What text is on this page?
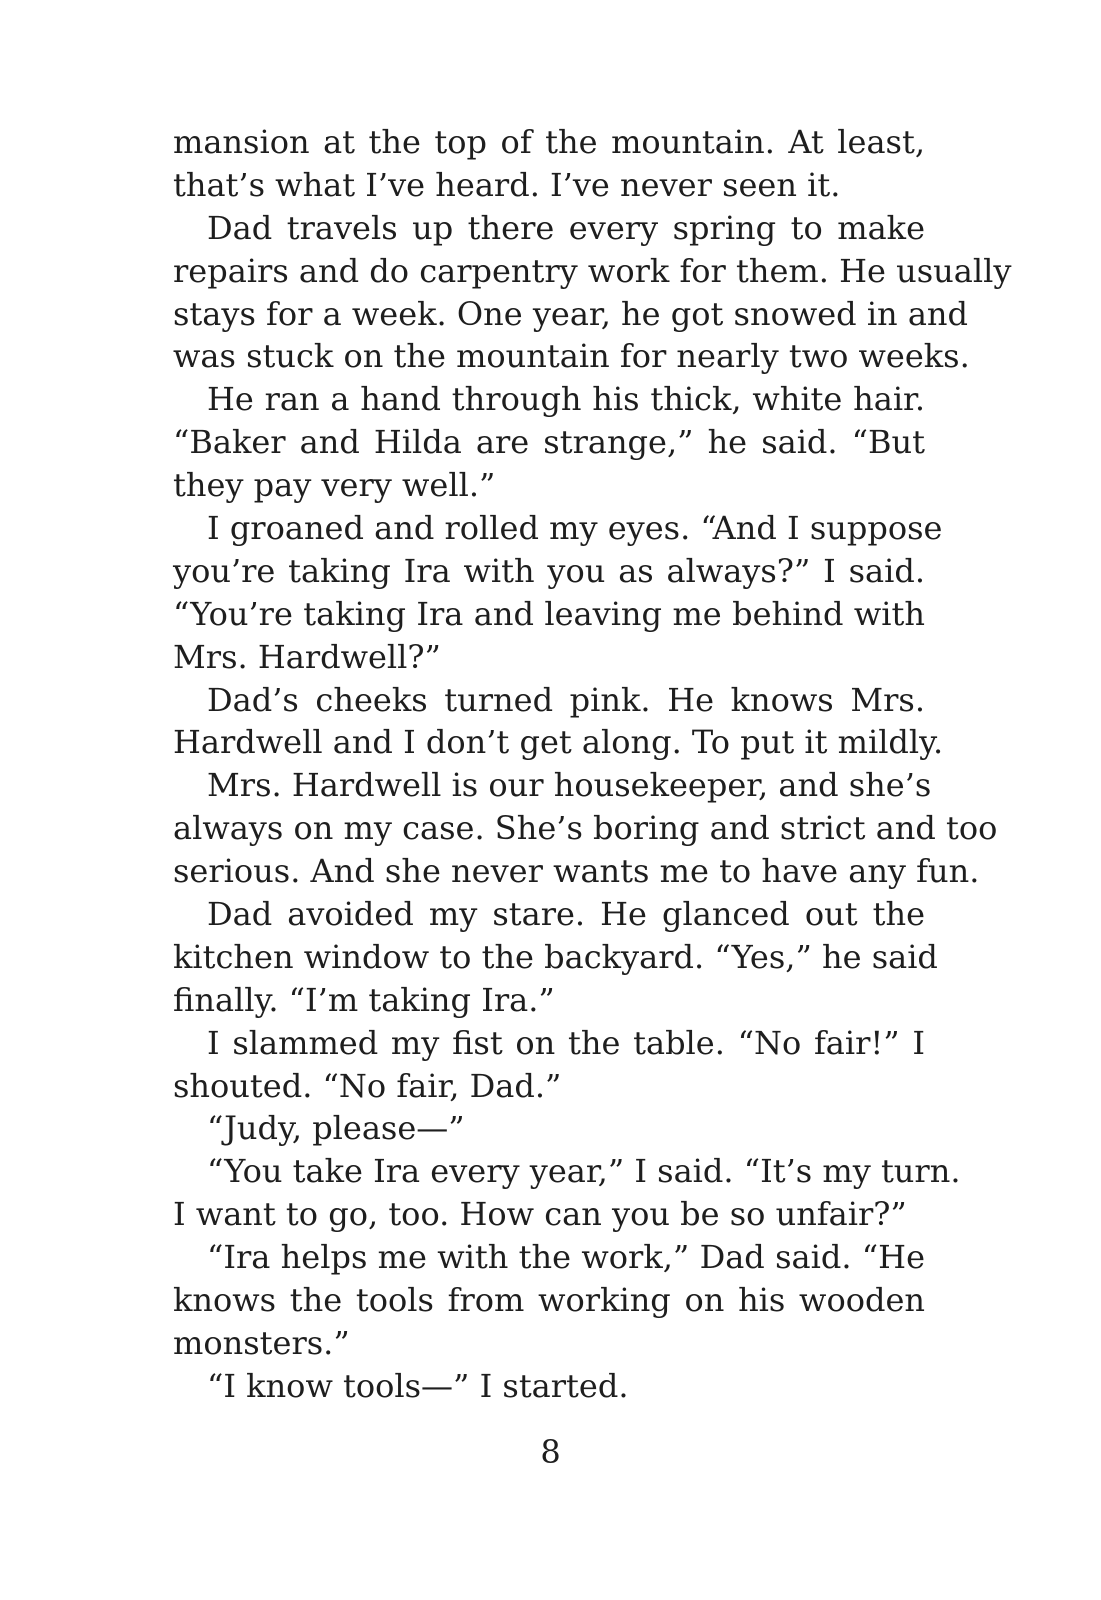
mansion at the top of the mountain. At least,
that’s what I’ve heard. I’ve never seen it.
Dad travels up there every spring to make
repairs and do carpentry work for them. He usually
stays for a week. One year, he got snowed in and
was stuck on the mountain for nearly two weeks.
He ran a hand through his thick, white hair.
“Baker and Hilda are strange,” he said. “But
they pay very well.”
I groaned and rolled my eyes. “And I suppose
you’re taking Ira with you as always?” I said.
“You’re taking Ira and leaving me behind with
Mrs. Hardwell?”
Dad’s cheeks turned pink. He knows Mrs.
Hardwell and I don’t get along. To put it mildly.
Mrs. Hardwell is our housekeeper, and she’s
always on my case. She’s boring and strict and too
serious. And she never wants me to have any fun.
Dad avoided my stare. He glanced out the
kitchen window to the backyard. “Yes,” he said
finally. “I’m taking Ira.”
I slammed my fist on the table. “No fair!” I
shouted. “No fair, Dad.”
“Judy, please—”
“You take Ira every year,” I said. “It’s my turn.
I want to go, too. How can you be so unfair?”
“Ira helps me with the work,” Dad said. “He
knows the tools from working on his wooden
monsters.”
“I know tools—” I started.
8
